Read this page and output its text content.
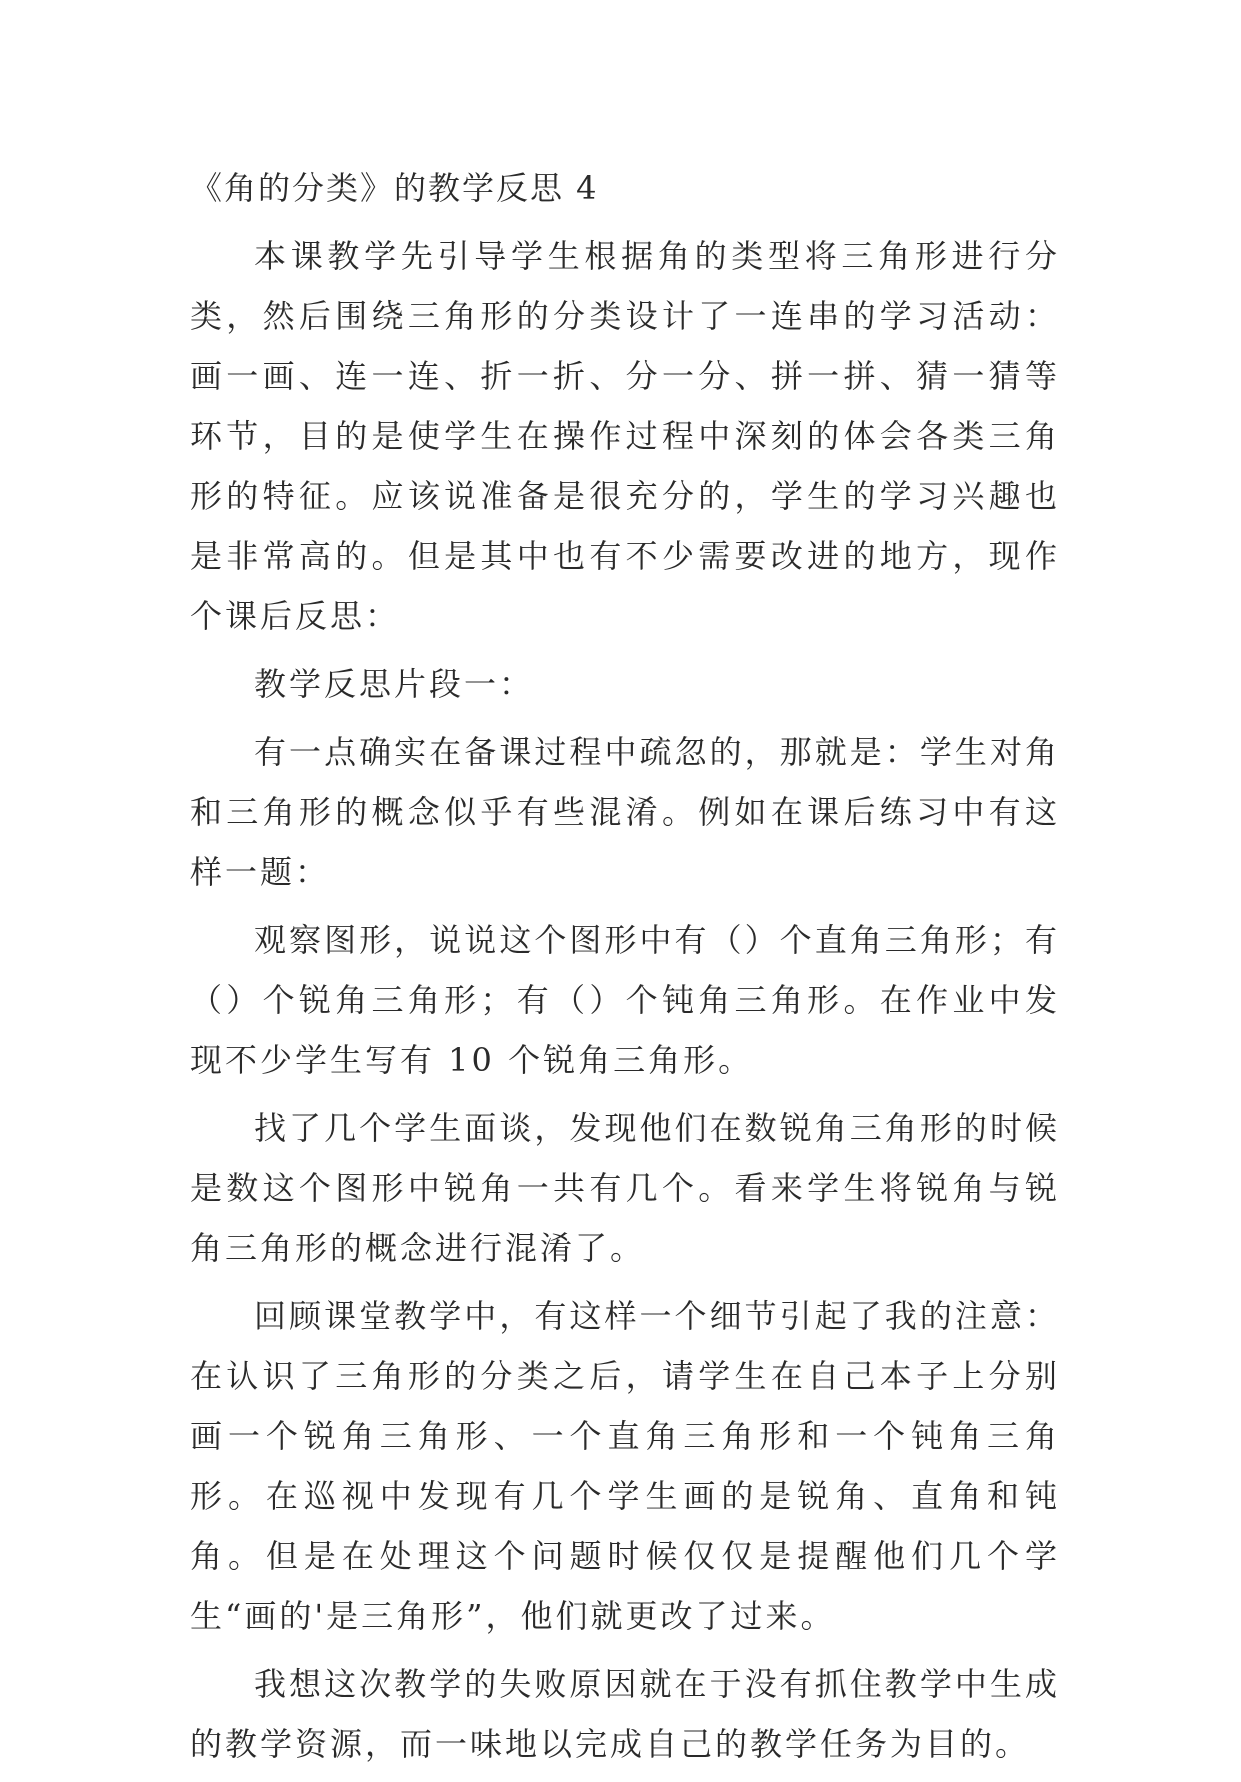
《角的分类》的教学反思 4

本课教学先引导学生根据角的类型将三角形进行分类，然后围绕三角形的分类设计了一连串的学习活动：画一画、连一连、折一折、分一分、拼一拼、猜一猜等环节，目的是使学生在操作过程中深刻的体会各类三角形的特征。应该说准备是很充分的，学生的学习兴趣也是非常高的。但是其中也有不少需要改进的地方，现作个课后反思：

教学反思片段一：

有一点确实在备课过程中疏忽的，那就是：学生对角和三角形的概念似乎有些混淆。例如在课后练习中有这样一题：

观察图形，说说这个图形中有（）个直角三角形；有（）个锐角三角形；有（）个钝角三角形。在作业中发现不少学生写有 10 个锐角三角形。

找了几个学生面谈，发现他们在数锐角三角形的时候是数这个图形中锐角一共有几个。看来学生将锐角与锐角三角形的概念进行混淆了。

回顾课堂教学中，有这样一个细节引起了我的注意：在认识了三角形的分类之后，请学生在自己本子上分别画一个锐角三角形、一个直角三角形和一个钝角三角形。在巡视中发现有几个学生画的是锐角、直角和钝角。但是在处理这个问题时候仅仅是提醒他们几个学生“画的'是三角形”，他们就更改了过来。

我想这次教学的失败原因就在于没有抓住教学中生成的教学资源，而一味地以完成自己的教学任务为目的。
